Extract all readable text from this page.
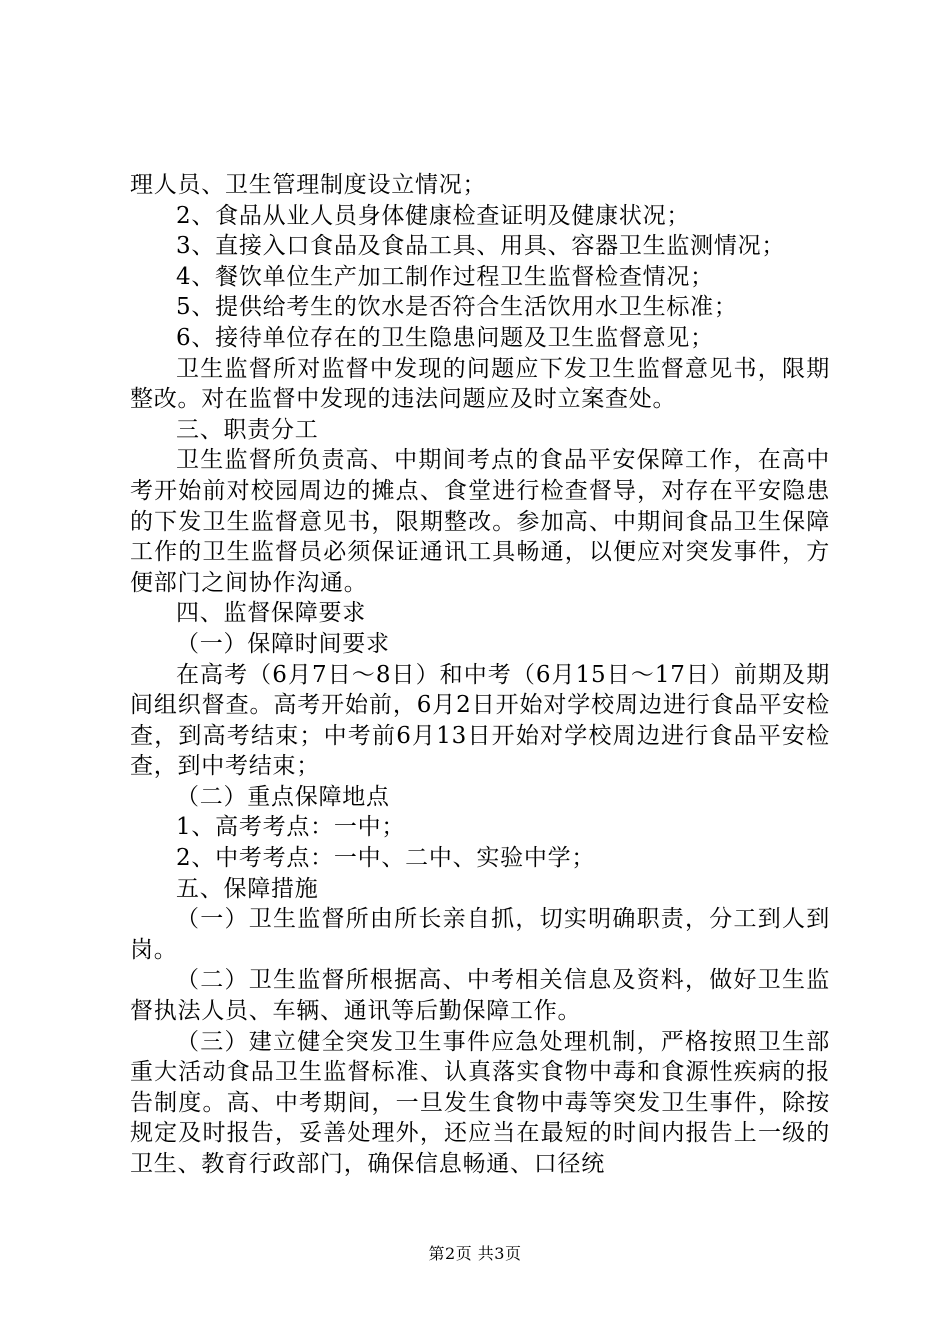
理人员、卫生管理制度设立情况；

2、食品从业人员身体健康检查证明及健康状况；

3、直接入口食品及食品工具、用具、容器卫生监测情况；

4、餐饮单位生产加工制作过程卫生监督检查情况；

5、提供给考生的饮水是否符合生活饮用水卫生标准；

6、接待单位存在的卫生隐患问题及卫生监督意见；

卫生监督所对监督中发现的问题应下发卫生监督意见书，限期整改。对在监督中发现的违法问题应及时立案查处。

三、职责分工

卫生监督所负责高、中期间考点的食品平安保障工作，在高中考开始前对校园周边的摊点、食堂进行检查督导，对存在平安隐患的下发卫生监督意见书，限期整改。参加高、中期间食品卫生保障工作的卫生监督员必须保证通讯工具畅通，以便应对突发事件，方便部门之间协作沟通。

四、监督保障要求

（一）保障时间要求

在高考（6月7日～8日）和中考（6月15日～17日）前期及期间组织督查。高考开始前，6月2日开始对学校周边进行食品平安检查，到高考结束；中考前6月13日开始对学校周边进行食品平安检查，到中考结束；

（二）重点保障地点

1、高考考点：一中；

2、中考考点：一中、二中、实验中学；

五、保障措施

（一）卫生监督所由所长亲自抓，切实明确职责，分工到人到岗。

（二）卫生监督所根据高、中考相关信息及资料，做好卫生监督执法人员、车辆、通讯等后勤保障工作。

（三）建立健全突发卫生事件应急处理机制，严格按照卫生部重大活动食品卫生监督标准、认真落实食物中毒和食源性疾病的报告制度。高、中考期间，一旦发生食物中毒等突发卫生事件，除按规定及时报告，妥善处理外，还应当在最短的时间内报告上一级的卫生、教育行政部门，确保信息畅通、口径统

第2页 共3页
